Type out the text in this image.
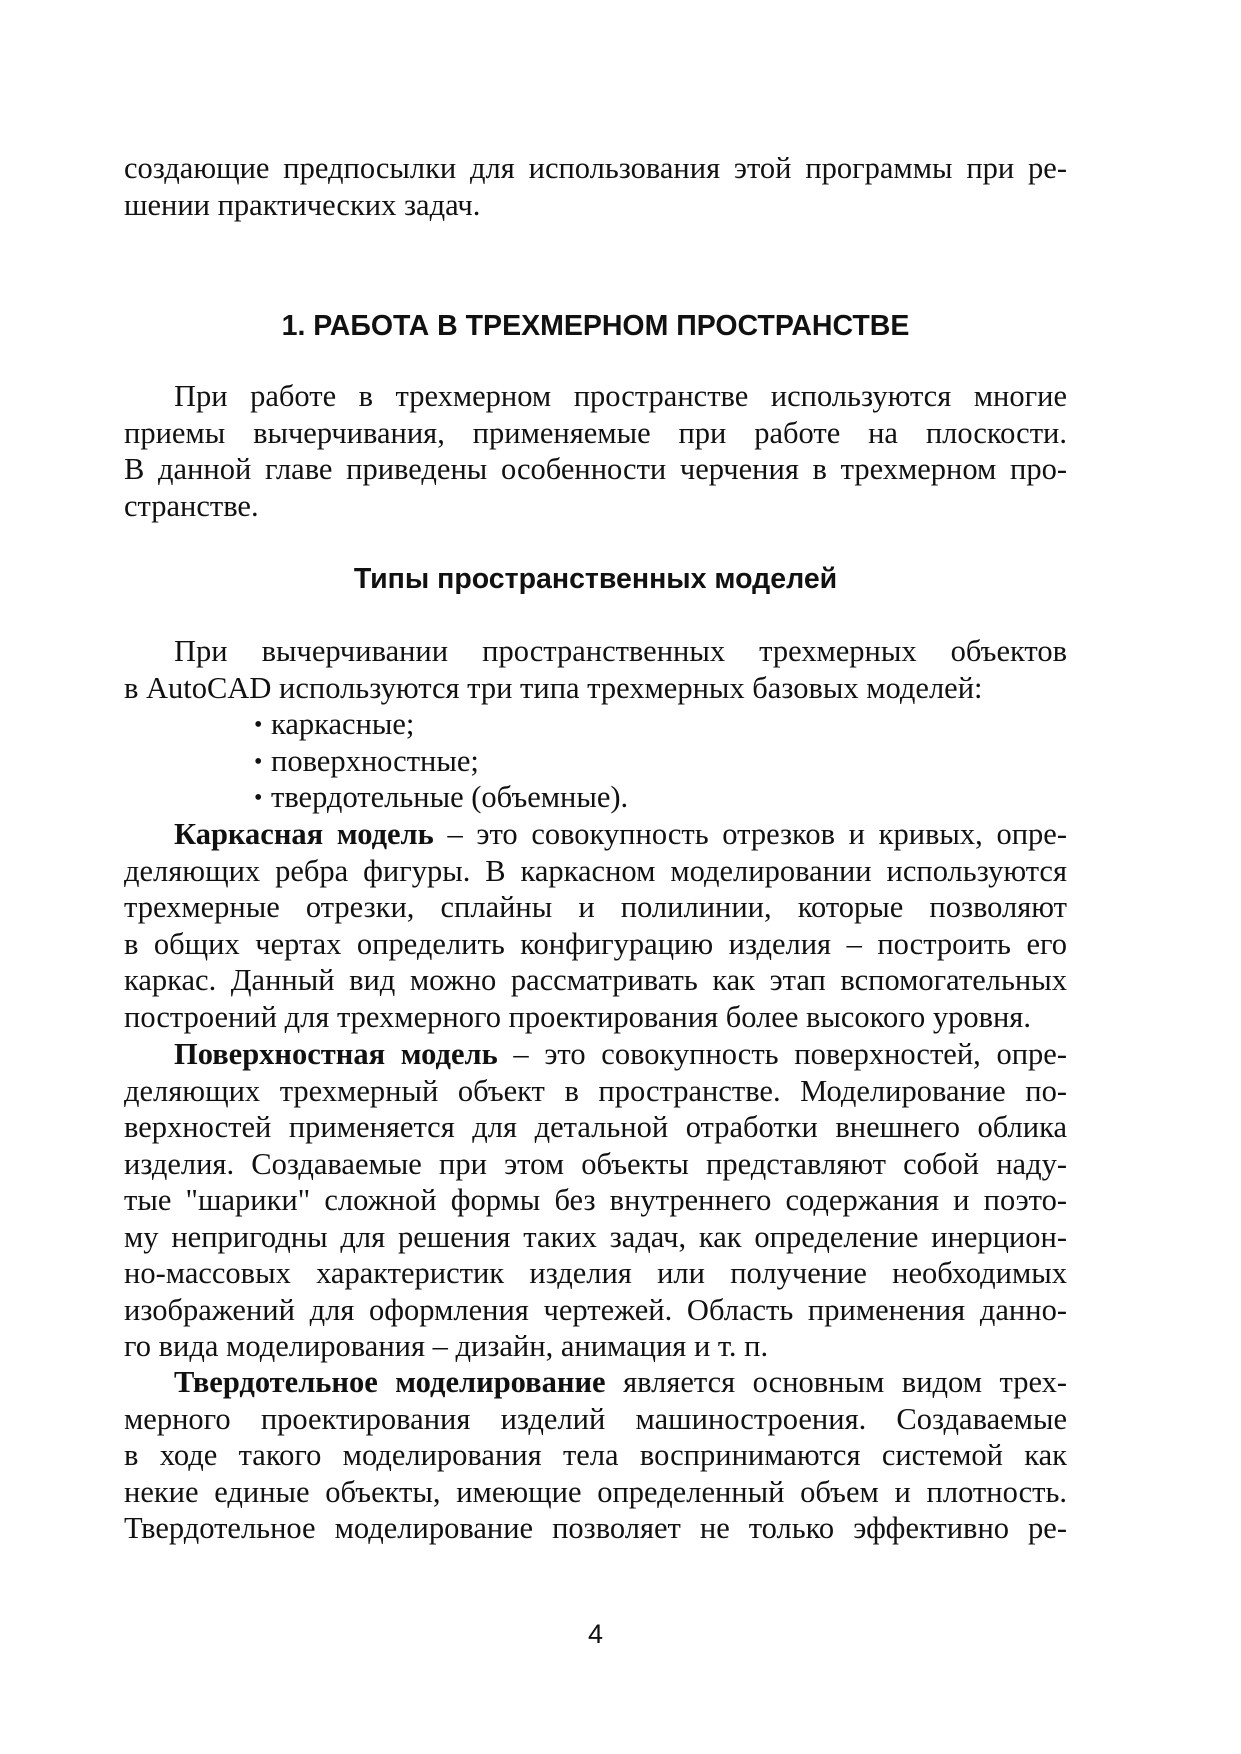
создающие предпосылки для использования этой программы при ре-
шении практических задач.

1. РАБОТА В ТРЕХМЕРНОМ ПРОСТРАНСТВЕ

При работе в трехмерном пространстве используются многие
приемы вычерчивания, применяемые при работе на плоскости.
В данной главе приведены особенности черчения в трехмерном про-
странстве.

Типы пространственных моделей

При вычерчивании пространственных трехмерных объектов
в AutoCAD используются три типа трехмерных базовых моделей:

• каркасные;
• поверхностные;
• твердотельные (объемные).

Каркасная модель – это совокупность отрезков и кривых, опре-
деляющих ребра фигуры. В каркасном моделировании используются
трехмерные отрезки, сплайны и полилинии, которые позволяют
в общих чертах определить конфигурацию изделия – построить его
каркас. Данный вид можно рассматривать как этап вспомогательных
построений для трехмерного проектирования более высокого уровня.

Поверхностная модель – это совокупность поверхностей, опре-
деляющих трехмерный объект в пространстве. Моделирование по-
верхностей применяется для детальной отработки внешнего облика
изделия. Создаваемые при этом объекты представляют собой наду-
тые "шарики" сложной формы без внутреннего содержания и поэто-
му непригодны для решения таких задач, как определение инерцион-
но-массовых характеристик изделия или получение необходимых
изображений для оформления чертежей. Область применения данно-
го вида моделирования – дизайн, анимация и т. п.

Твердотельное моделирование является основным видом трех-
мерного проектирования изделий машиностроения. Создаваемые
в ходе такого моделирования тела воспринимаются системой как
некие единые объекты, имеющие определенный объем и плотность.
Твердотельное моделирование позволяет не только эффективно ре-

4
